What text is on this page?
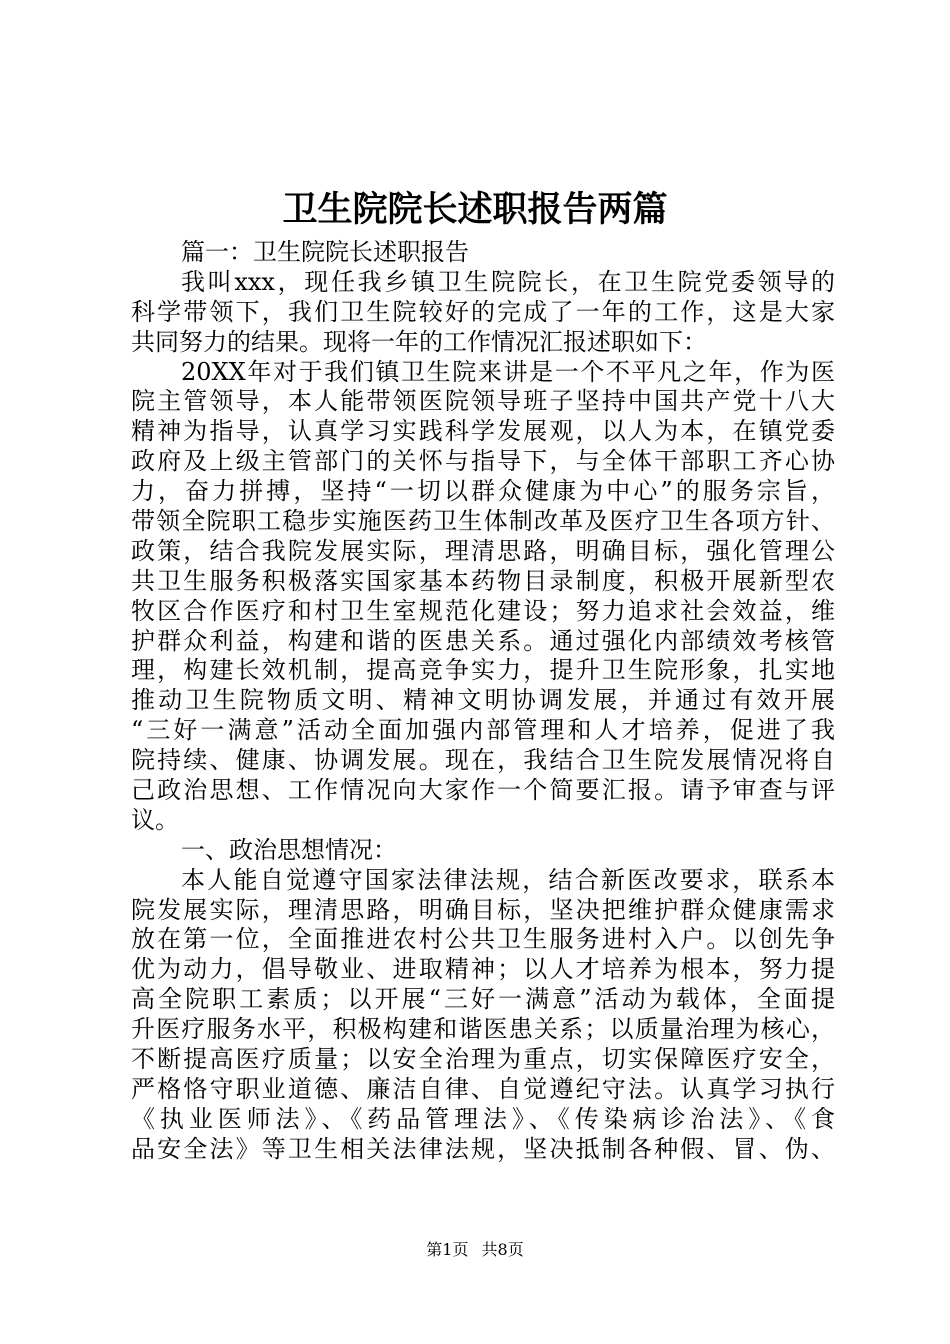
卫生院院长述职报告两篇
篇一：卫生院院长述职报告
我叫xxx，现任我乡镇卫生院院长，在卫生院党委领导的
科学带领下，我们卫生院较好的完成了一年的工作，这是大家
共同努力的结果。现将一年的工作情况汇报述职如下：
20XX年对于我们镇卫生院来讲是一个不平凡之年，作为医
院主管领导，本人能带领医院领导班子坚持中国共产党十八大
精神为指导，认真学习实践科学发展观，以人为本，在镇党委
政府及上级主管部门的关怀与指导下，与全体干部职工齐心协
力，奋力拼搏，坚持“一切以群众健康为中心”的服务宗旨，
带领全院职工稳步实施医药卫生体制改革及医疗卫生各项方针、
政策，结合我院发展实际，理清思路，明确目标，强化管理公
共卫生服务积极落实国家基本药物目录制度，积极开展新型农
牧区合作医疗和村卫生室规范化建设；努力追求社会效益，维
护群众利益，构建和谐的医患关系。通过强化内部绩效考核管
理，构建长效机制，提高竞争实力，提升卫生院形象，扎实地
推动卫生院物质文明、精神文明协调发展，并通过有效开展
“三好一满意”活动全面加强内部管理和人才培养，促进了我
院持续、健康、协调发展。现在，我结合卫生院发展情况将自
己政治思想、工作情况向大家作一个简要汇报。请予审查与评
议。
一、政治思想情况：
本人能自觉遵守国家法律法规，结合新医改要求，联系本
院发展实际，理清思路，明确目标，坚决把维护群众健康需求
放在第一位，全面推进农村公共卫生服务进村入户。以创先争
优为动力，倡导敬业、进取精神；以人才培养为根本，努力提
高全院职工素质；以开展“三好一满意”活动为载体，全面提
升医疗服务水平，积极构建和谐医患关系；以质量治理为核心，
不断提高医疗质量；以安全治理为重点，切实保障医疗安全，
严格恪守职业道德、廉洁自律、自觉遵纪守法。认真学习执行
《执业医师法》、《药品管理法》、《传染病诊治法》、《食
品安全法》等卫生相关法律法规，坚决抵制各种假、冒、伪、
第1页 共8页
